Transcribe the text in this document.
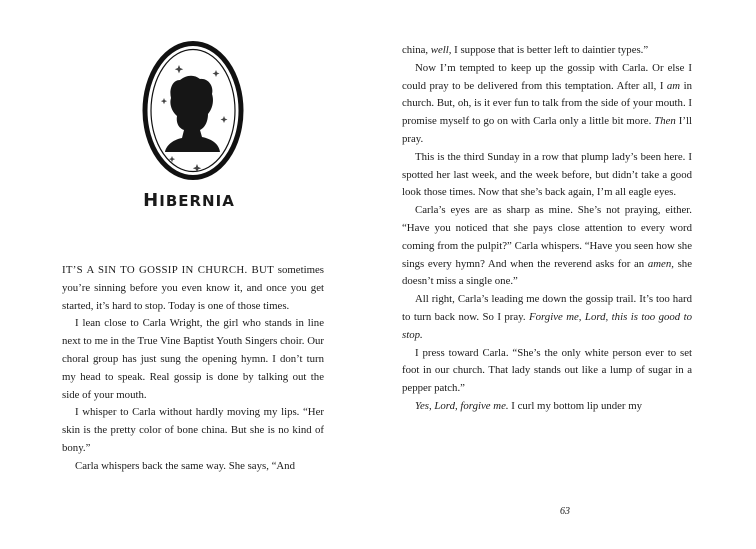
HIBERNIA

IT’S A SIN TO GOSSIP IN CHURCH. BUT sometimes you’re sinning before you even know it, and once you get started, it’s hard to stop. Today is one of those times.

I lean close to Carla Wright, the girl who stands in line next to me in the True Vine Baptist Youth Singers choir. Our choral group has just sung the opening hymn. I don’t turn my head to speak. Real gossip is done by talking out the side of your mouth.

I whisper to Carla without hardly moving my lips. “Her skin is the pretty color of bone china. But she is no kind of bony.”

Carla whispers back the same way. She says, “And

china, well, I suppose that is better left to daintier types.”

Now I’m tempted to keep up the gossip with Carla. Or else I could pray to be delivered from this temptation. After all, I am in church. But, oh, is it ever fun to talk from the side of your mouth. I promise myself to go on with Carla only a little bit more. Then I’ll pray.

This is the third Sunday in a row that plump lady’s been here. I spotted her last week, and the week before, but didn’t take a good look those times. Now that she’s back again, I’m all eagle eyes.

Carla’s eyes are as sharp as mine. She’s not praying, either. “Have you noticed that she pays close attention to every word coming from the pulpit?” Carla whispers. “Have you seen how she sings every hymn? And when the reverend asks for an amen, she doesn’t miss a single one.”

All right, Carla’s leading me down the gossip trail. It’s too hard to turn back now. So I pray. Forgive me, Lord, this is too good to stop.

I press toward Carla. “She’s the only white person ever to set foot in our church. That lady stands out like a lump of sugar in a pepper patch.”

Yes, Lord, forgive me. I curl my bottom lip under my

63
